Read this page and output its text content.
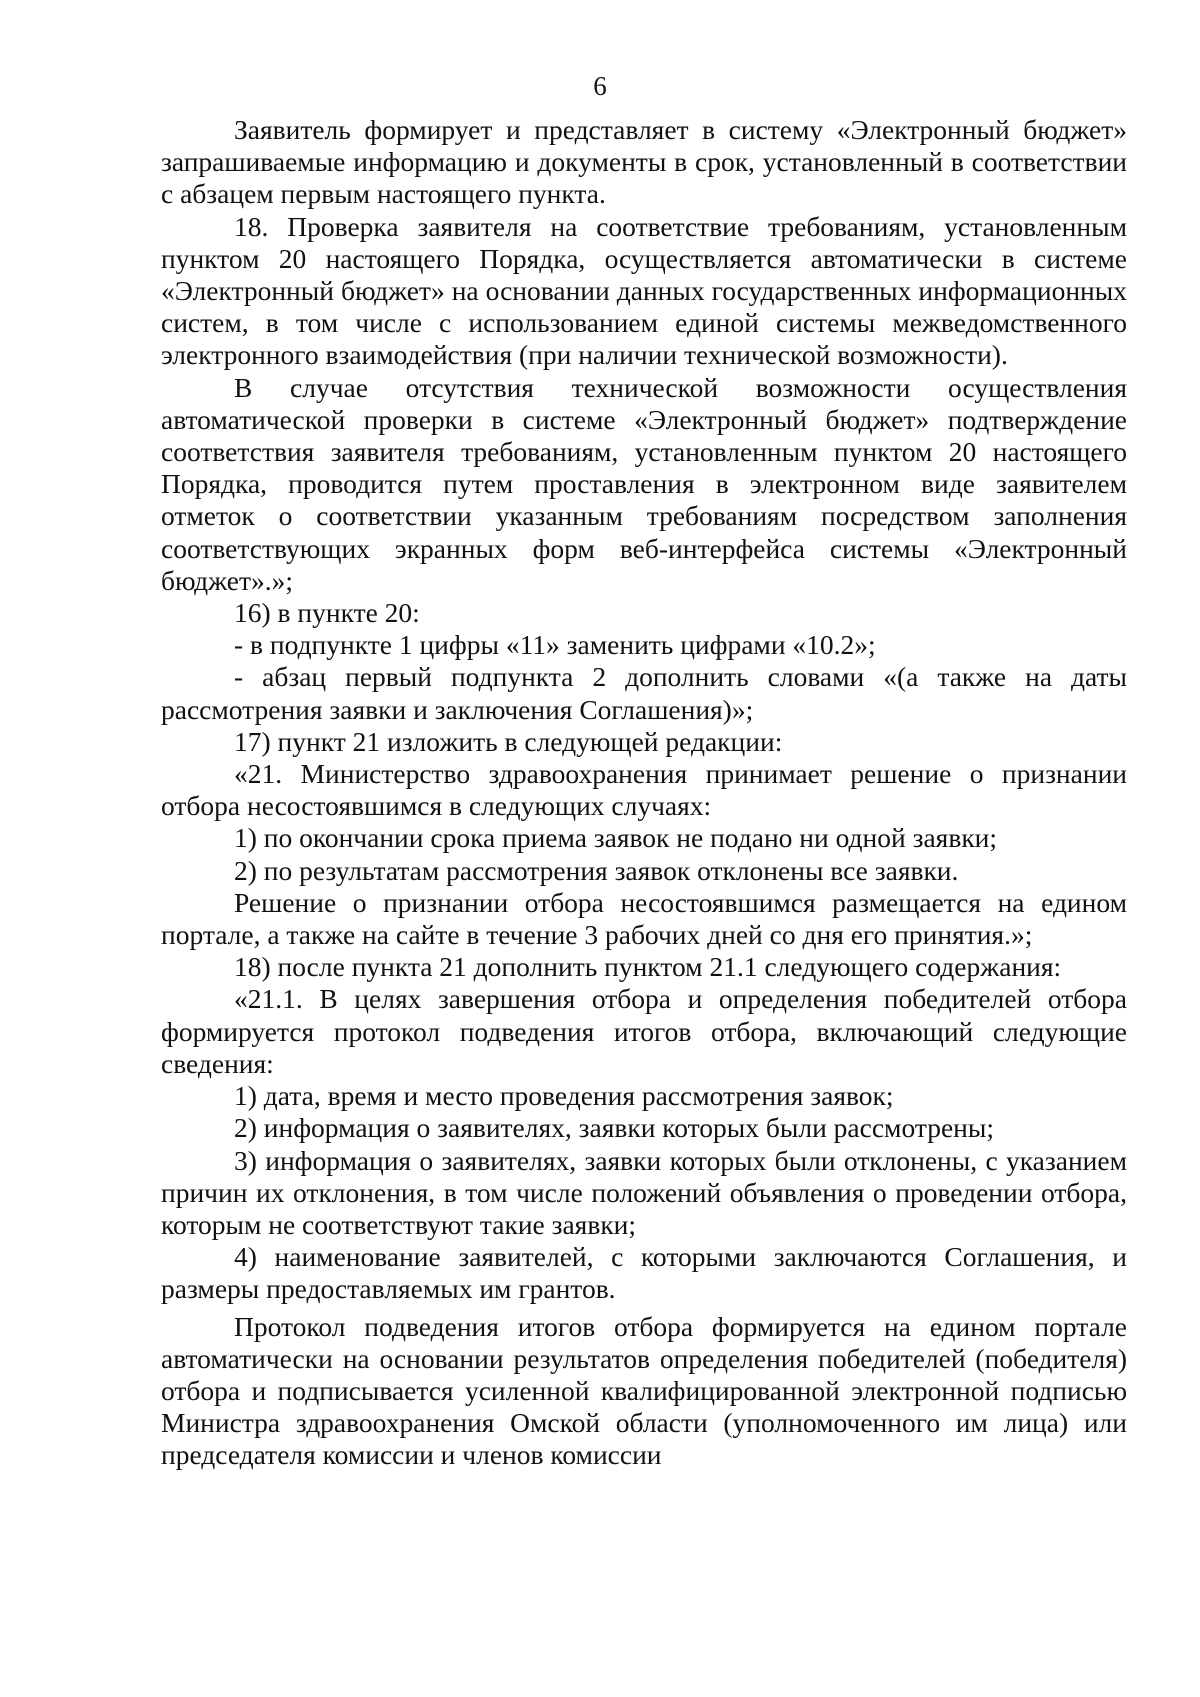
6

Заявитель формирует и представляет в систему «Электронный бюджет» запрашиваемые информацию и документы в срок, установленный в соответствии с абзацем первым настоящего пункта.

18. Проверка заявителя на соответствие требованиям, установленным пунктом 20 настоящего Порядка, осуществляется автоматически в системе «Электронный бюджет» на основании данных государственных информационных систем, в том числе с использованием единой системы межведомственного электронного взаимодействия (при наличии технической возможности).

В случае отсутствия технической возможности осуществления автоматической проверки в системе «Электронный бюджет» подтверждение соответствия заявителя требованиям, установленным пунктом 20 настоящего Порядка, проводится путем проставления в электронном виде заявителем отметок о соответствии указанным требованиям посредством заполнения соответствующих экранных форм веб-интерфейса системы «Электронный бюджет».»;

16) в пункте 20:

- в подпункте 1 цифры «11» заменить цифрами «10.2»;

- абзац первый подпункта 2 дополнить словами «(а также на даты рассмотрения заявки и заключения Соглашения)»;

17) пункт 21 изложить в следующей редакции:

«21. Министерство здравоохранения принимает решение о признании отбора несостоявшимся в следующих случаях:

1) по окончании срока приема заявок не подано ни одной заявки;

2) по результатам рассмотрения заявок отклонены все заявки.

Решение о признании отбора несостоявшимся размещается на едином портале, а также на сайте в течение 3 рабочих дней со дня его принятия.»;

18) после пункта 21 дополнить пунктом 21.1 следующего содержания:

«21.1. В целях завершения отбора и определения победителей отбора формируется протокол подведения итогов отбора, включающий следующие сведения:

1) дата, время и место проведения рассмотрения заявок;

2) информация о заявителях, заявки которых были рассмотрены;

3) информация о заявителях, заявки которых были отклонены, с указанием причин их отклонения, в том числе положений объявления о проведении отбора, которым не соответствуют такие заявки;

4) наименование заявителей, с которыми заключаются Соглашения, и размеры предоставляемых им грантов.

Протокол подведения итогов отбора формируется на едином портале автоматически на основании результатов определения победителей (победителя) отбора и подписывается усиленной квалифицированной электронной подписью Министра здравоохранения Омской области (уполномоченного им лица) или председателя комиссии и членов комиссии
